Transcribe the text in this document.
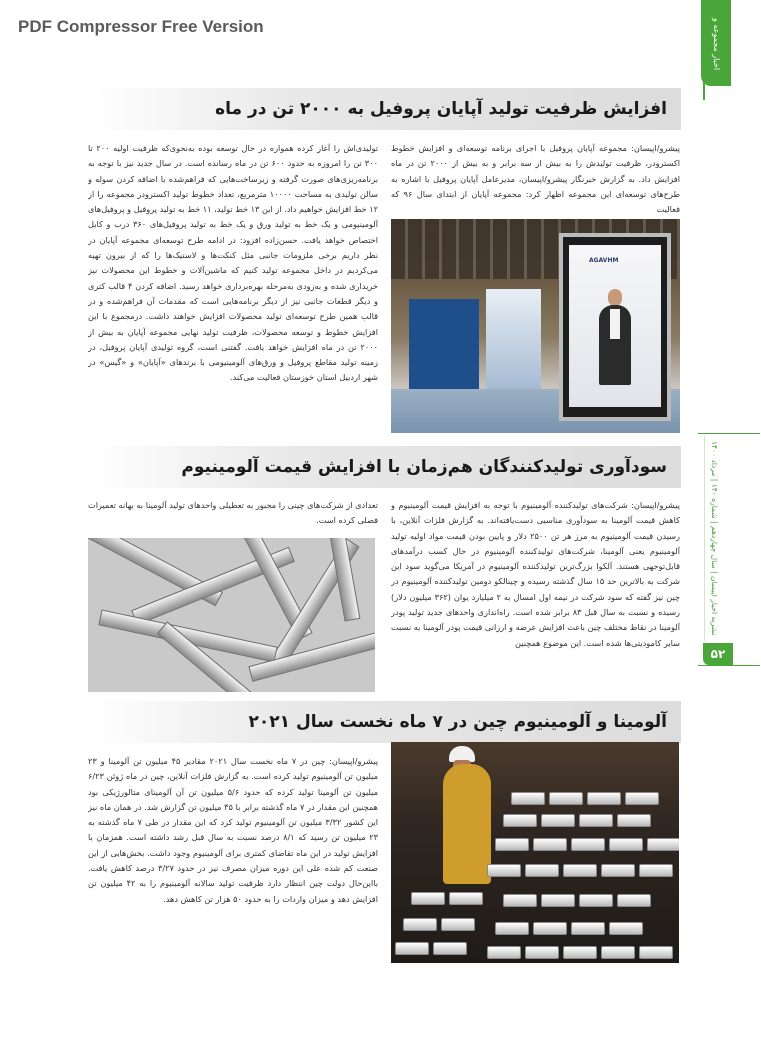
PDF Compressor Free Version	اخبار مجموعه و
نشریه اخبار اپیسان | سال چهاردهم | شماره ۱۴۰ | مرداد ۱۴۰۰
۵۲
افزایش ظرفیت تولید آپایان پروفیل به ۲۰۰۰ تن در ماه
پیشرو/اپیسان: مجموعه آپایان پروفیل با اجرای برنامه توسعه‌ای و افزایش خطوط اکسترودر، ظرفیت تولیدش را به بیش از سه برابر و به بیش از ۲۰۰۰ تن در ماه افزایش داد. به گزارش خبرنگار پیشرو/اپیسان، مدیرعامل آپایان پروفیل با اشاره به طرح‌های توسعه‌ای این مجموعه اظهار کرد: مجموعه آپایان از ابتدای سال ۹۶ که فعالیت
AGAVHM
تولیدی‌اش را آغاز کرده همواره در حال توسعه بوده به‌نحوی‌که ظرفیت اولیه ۲۰۰ تا ۳۰۰ تن را امروزه به حدود ۶۰۰ تن در ماه رسانده است. در سال جدید نیز با توجه به برنامه‌ریزی‌های صورت گرفته و زیرساخت‌هایی که فراهم‌شده با اضافه کردن سوله و سالن تولیدی به مساحت ۱۰۰۰۰ مترمربع، تعداد خطوط تولید اکسترودر مجموعه را از ۱۲ خط افزایش خواهیم داد. از این ۱۳ خط تولید، ۱۱ خط به تولید پروفیل و پروفیل‌های آلومینیومی و یک خط به تولید ورق و یک خط به تولید پروفیل‌های ۳۶۰ درب و کابل اختصاص خواهد یافت. حسن‌زاده افزود: در ادامه طرح توسعه‌ای مجموعه آپایان در نظر داریم برخی ملزومات جانبی مثل کنکت‌ها و لاستیک‌ها را که از بیرون تهیه می‌کردیم در داخل مجموعه تولید کنیم که ماشین‌آلات و خطوط این محصولات نیز خریداری شده و به‌زودی به‌مرحله بهره‌برداری خواهد رسید. اضافه کردن ۴ قالب کتری و دیگر قطعات جانبی نیز از دیگر برنامه‌هایی است که مقدمات آن فراهم‌شده و در قالب همین طرح توسعه‌ای تولید محصولات افزایش خواهند داشت. درمجموع با این افزایش خطوط و توسعه محصولات، ظرفیت تولید نهایی مجموعه آپایان به بیش از ۲۰۰۰ تن در ماه افزایش خواهد یافت. گفتنی است، گروه تولیدی آپایان پروفیل، در زمینه تولید مقاطع پروفیل و ورق‌های آلومینیومی با برندهای «آپایان» و «گیس» در شهر اردبیل استان خوزستان فعالیت می‌کند.
سودآوری تولیدکنندگان هم‌زمان با افزایش قیمت آلومینیوم
پیشرو/اپیسان: شرکت‌های تولیدکننده آلومینیوم با توجه به افزایش قیمت آلومینیوم و کاهش قیمت آلومینا به سودآوری مناسبی دست‌یافته‌اند. به گزارش فلزات آنلاین، با رسیدن قیمت آلومینیوم به مرز هر تن ۲۵۰۰ دلار و پایین بودن قیمت مواد اولیه تولید آلومینیوم یعنی آلومینا، شرکت‌های تولیدکننده آلومینیوم در حال کسب درآمدهای قابل‌توجهی هستند. آلکوا بزرگ‌ترین تولیدکننده آلومینیوم در آمریکا می‌گوید سود این شرکت به بالاترین حد ۱۵ سال گذشته رسیده و چینالکو دومین تولیدکننده آلومینیوم در چین نیز گفته که سود شرکت در نیمه اول امسال به ۲ میلیارد یوان (۳۶۲ میلیون دلار) رسیده و نسبت به سال قبل ۸۳ برابر شده است. راه‌اندازی واحدهای جدید تولید پودر آلومینا در نقاط مختلف چین باعث افزایش عرضه و ارزانی قیمت پودر آلومینا به نسبت سایر کامودیتی‌ها شده است. این موضوع همچنین
تعدادی از شرکت‌های چینی را مجبور به تعطیلی واحدهای تولید آلومینا به بهانه تعمیرات فصلی کرده است.
آلومینا و آلومینیوم چین در ۷ ماه نخست سال ۲۰۲۱
پیشرو/اپیسان: چین در ۷ ماه نخست سال ۲۰۲۱ مقادیر ۴۵ میلیون تن آلومینا و ۲۳ میلیون تن آلومینیوم تولید کرده است. به گزارش فلزات آنلاین، چین در ماه ژوئن ۶/۲۳ میلیون تن آلومینا تولید کرده که حدود ۵/۶ میلیون تن آن آلومینای متالورژیکی بود همچنین این مقدار در ۷ ماه گذشته برابر با ۴۵ میلیون تن گزارش شد. در همان ماه نیز این کشور ۳/۳۲ میلیون تن آلومینیوم تولید کرد که این مقدار در طی ۷ ماه گذشته به ۲۳ میلیون تن رسید که ۸/۱ درصد نسبت به سال قبل رشد داشته است. همزمان با افزایش تولید در این ماه تقاضای کمتری برای آلومینیوم وجود داشت. بخش‌هایی از این صنعت کم شده علی این دوره میزان مصرف نیز در حدود ۳/۲۷ درصد کاهش یافت. بااین‌حال دولت چین انتظار دارد ظرفیت تولید سالانه آلومینیوم را به ۴۲ میلیون تن افزایش دهد و میزان واردات را به حدود ۵۰ هزار تن کاهش دهد.
